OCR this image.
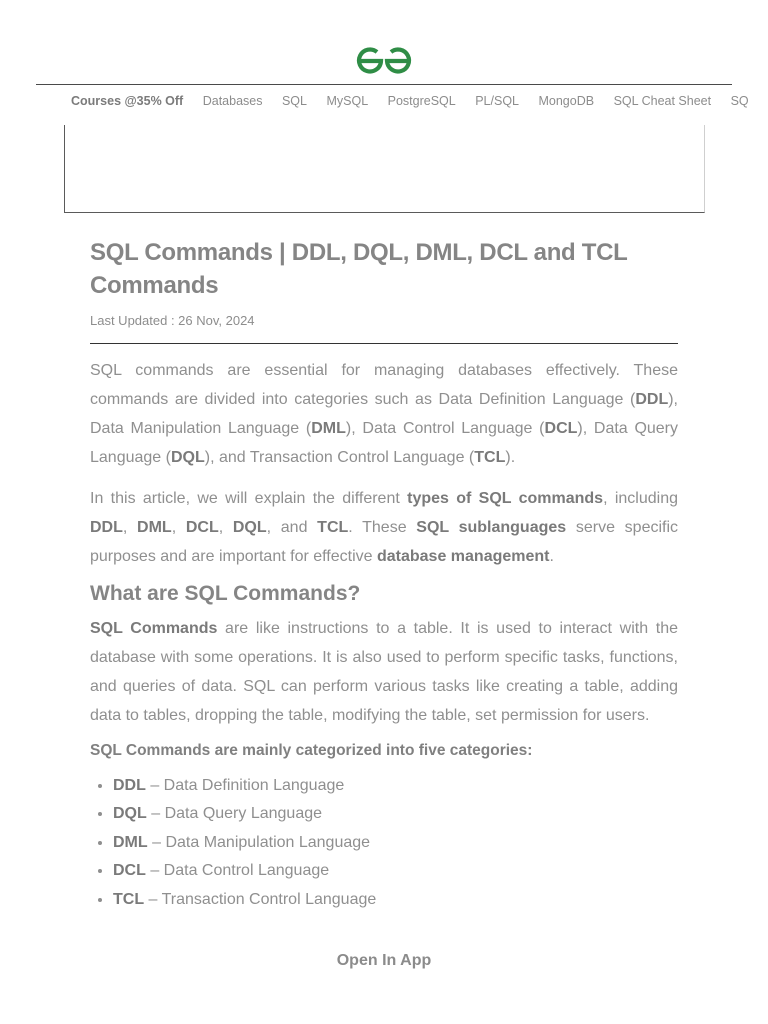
Courses @35% Off Databases SQL MySQL PostgreSQL PL/SQL MongoDB SQL Cheat Sheet SQ
SQL Commands | DDL, DQL, DML, DCL and TCL Commands
Last Updated : 26 Nov, 2024

SQL commands are essential for managing databases effectively. These commands are divided into categories such as Data Definition Language (DDL), Data Manipulation Language (DML), Data Control Language (DCL), Data Query Language (DQL), and Transaction Control Language (TCL).

In this article, we will explain the different types of SQL commands, including DDL, DML, DCL, DQL, and TCL. These SQL sublanguages serve specific purposes and are important for effective database management.

What are SQL Commands?

SQL Commands are like instructions to a table. It is used to interact with the database with some operations. It is also used to perform specific tasks, functions, and queries of data. SQL can perform various tasks like creating a table, adding data to tables, dropping the table, modifying the table, set permission for users.

SQL Commands are mainly categorized into five categories:
• DDL – Data Definition Language
• DQL – Data Query Language
• DML – Data Manipulation Language
• DCL – Data Control Language
• TCL – Transaction Control Language
Open In App
